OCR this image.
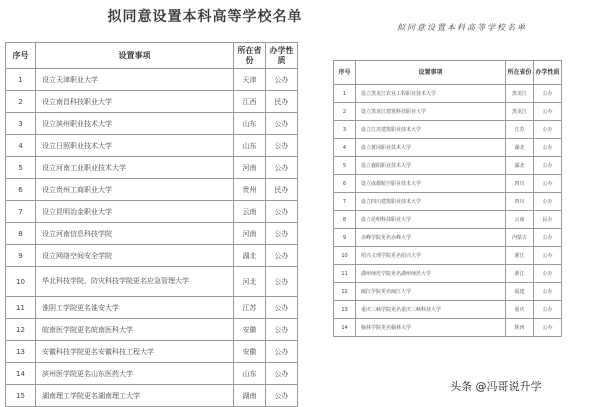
拟同意设置本科高等学校名单
拟同意设置本科高等学校名单
序号	设置事项	所在省份	办学性质
1	设立天津职业大学	天津	公办
2	设立南昌科技职业大学	江西	民办
3	设立滨州职业技术大学	山东	公办
4	设立日照职业技术大学	山东	公办
5	设立河南工业职业技术大学	河南	公办
6	设立贵州工商职业大学	贵州	民办
7	设立昆明冶金职业大学	云南	公办
8	设立河南信息科技学院	河南	公办
9	设立网络空间安全学院	湖北	公办
10	华北科技学院、防灾科技学院更名应急管理大学	河北	公办
11	淮阴工学院更名淮安大学	江苏	公办
12	皖南医学院更名皖南医科大学	安徽	公办
13	安徽科技学院更名安徽科技工程大学	安徽	公办
14	滨州医学院更名山东医药大学	山东	公办
15	湖南理工学院更名湖南理工大学	湖南	公办
序号	设置事项	所在省份	办学性质
1	设立黑龙江农业工程职业技术大学	黑龙江	公办
2	设立黑龙江建筑科技职业大学	黑龙江	公办
3	设立江苏建筑职业技术大学	江苏	公办
4	设立黄冈职业技术大学	湖北	公办
5	设立襄阳职业技术大学	湖北	公办
6	设立成都航空职业技术大学	四川	公办
7	设立四川建筑职业技术大学	四川	公办
8	设立昆明科技职业大学	云南	民办
9	赤峰学院更名赤峰大学	内蒙古	公办
10	绍兴文理学院更名绍兴大学	浙江	公办
11	湖州师范学院更名湖州师范大学	浙江	公办
12	闽江学院更名闽江大学	福建	公办
13	重庆三峡学院更名重庆三峡科技大学	重庆	公办
14	榆林学院更名榆林大学	陕西	公办
头条 @冯哥说升学
